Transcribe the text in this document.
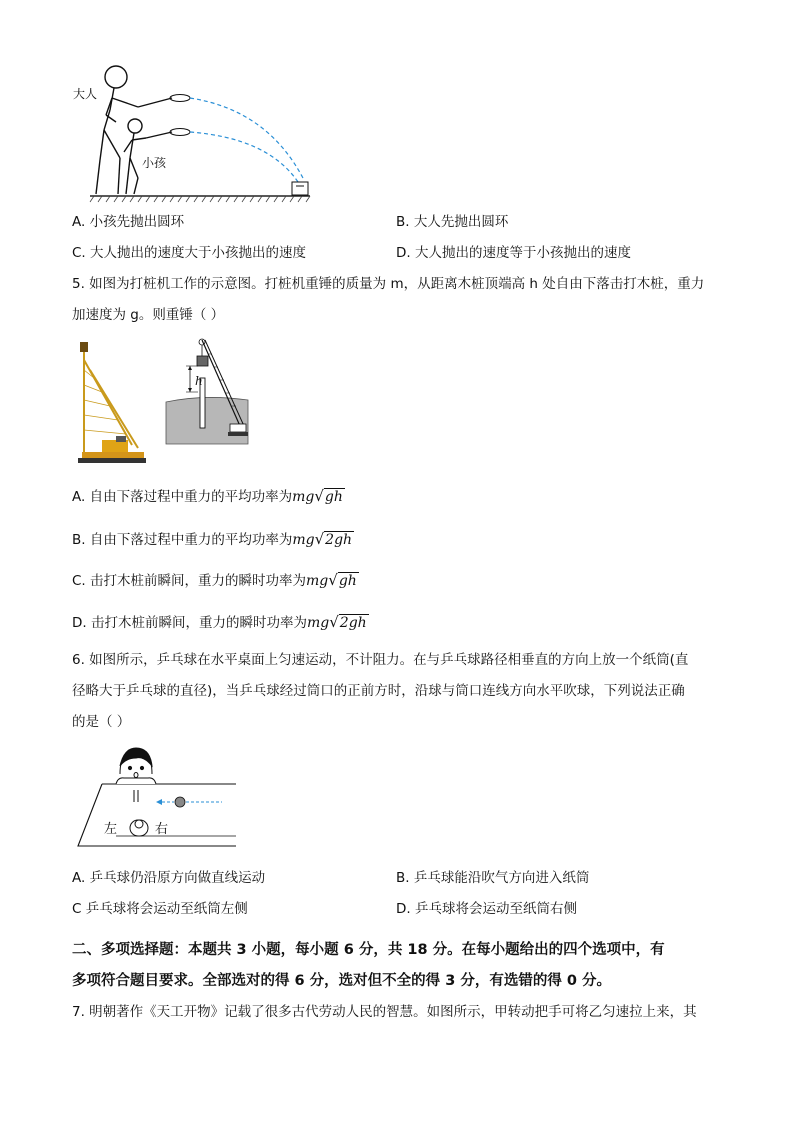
大人
小孩
A. 小孩先抛出圆环	B. 大人先抛出圆环
C. 大人抛出的速度大于小孩抛出的速度	D. 大人抛出的速度等于小孩抛出的速度
5. 如图为打桩机工作的示意图。打桩机重锤的质量为 m，从距离木桩顶端高 h 处自由下落击打木桩，重力
加速度为 g。则重锤（ ）
h
A. 自由下落过程中重力的平均功率为mg√gh
B. 自由下落过程中重力的平均功率为mg√2gh
C. 击打木桩前瞬间，重力的瞬时功率为mg√gh
D. 击打木桩前瞬间，重力的瞬时功率为mg√2gh
6. 如图所示，乒乓球在水平桌面上匀速运动，不计阻力。在与乒乓球路径相垂直的方向上放一个纸筒(直
径略大于乒乓球的直径)，当乒乓球经过筒口的正前方时，沿球与筒口连线方向水平吹球，下列说法正确
的是（ ）
左	右
A. 乒乓球仍沿原方向做直线运动	B. 乒乓球能沿吹气方向进入纸筒
C 乒乓球将会运动至纸筒左侧	D. 乒乓球将会运动至纸筒右侧
二、多项选择题：本题共 3 小题，每小题 6 分，共 18 分。在每小题给出的四个选项中，有
多项符合题目要求。全部选对的得 6 分，选对但不全的得 3 分，有选错的得 0 分。
7. 明朝著作《天工开物》记载了很多古代劳动人民的智慧。如图所示，甲转动把手可将乙匀速拉上来，其
